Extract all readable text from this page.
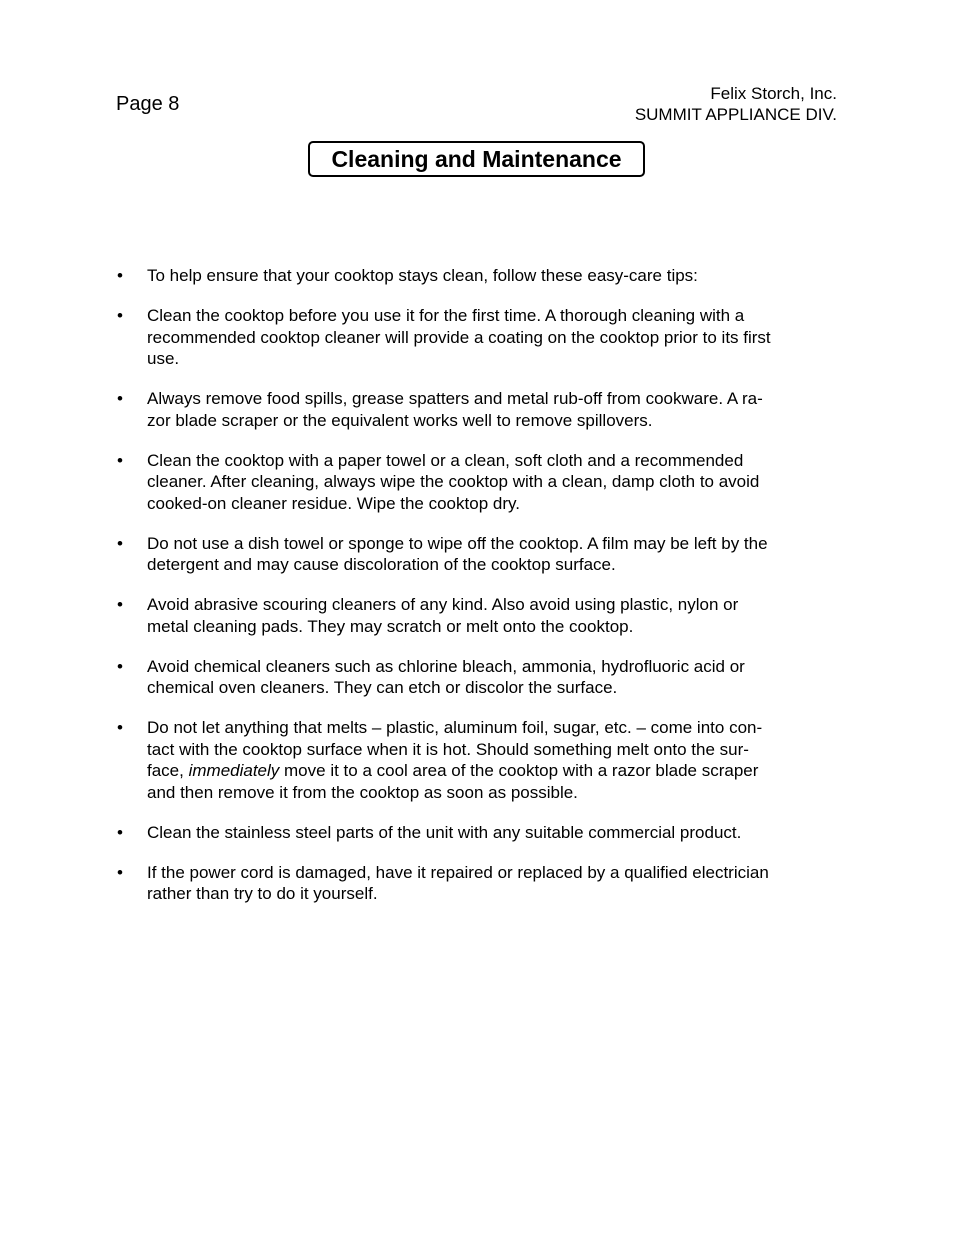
Page 8	Felix Storch, Inc.
SUMMIT APPLIANCE DIV.
Cleaning and Maintenance
• To help ensure that your cooktop stays clean, follow these easy-care tips:
• Clean the cooktop before you use it for the first time. A thorough cleaning with a
recommended cooktop cleaner will provide a coating on the cooktop prior to its first
use.
• Always remove food spills, grease spatters and metal rub-off from cookware. A ra-
zor blade scraper or the equivalent works well to remove spillovers.
• Clean the cooktop with a paper towel or a clean, soft cloth and a recommended
cleaner. After cleaning, always wipe the cooktop with a clean, damp cloth to avoid
cooked-on cleaner residue. Wipe the cooktop dry.
• Do not use a dish towel or sponge to wipe off the cooktop. A film may be left by the
detergent and may cause discoloration of the cooktop surface.
• Avoid abrasive scouring cleaners of any kind. Also avoid using plastic, nylon or
metal cleaning pads. They may scratch or melt onto the cooktop.
• Avoid chemical cleaners such as chlorine bleach, ammonia, hydrofluoric acid or
chemical oven cleaners. They can etch or discolor the surface.
• Do not let anything that melts – plastic, aluminum foil, sugar, etc. – come into con-
tact with the cooktop surface when it is hot. Should something melt onto the sur-
face, immediately move it to a cool area of the cooktop with a razor blade scraper
and then remove it from the cooktop as soon as possible.
• Clean the stainless steel parts of the unit with any suitable commercial product.
• If the power cord is damaged, have it repaired or replaced by a qualified electrician
rather than try to do it yourself.
